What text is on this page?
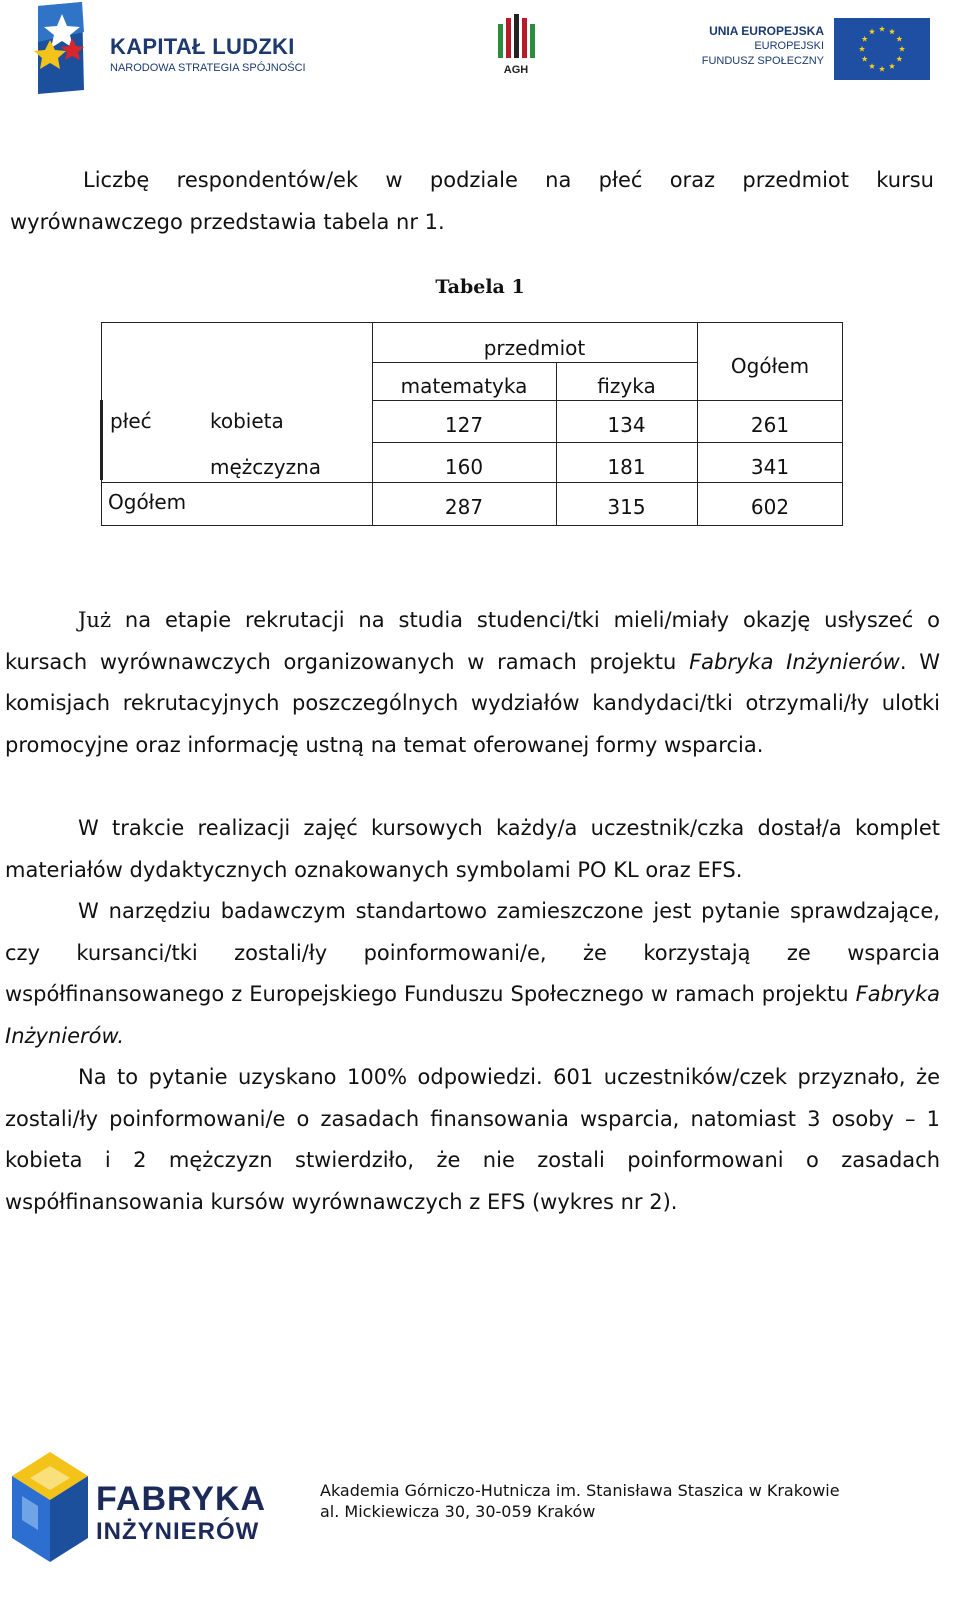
KAPITAŁ LUDZKI
NARODOWA STRATEGIA SPÓJNOŚCI	AGH
UNIA EUROPEJSKA
EUROPEJSKI
FUNDUSZ SPOŁECZNY
Liczbę respondentów/ek w podziale na płeć oraz przedmiot kursu wyrównawczego przedstawia tabela nr 1.
Tabela 1
przedmiot
Ogółem
matematyka	fizyka
płeć	kobieta	127	134	261
mężczyzna	160	181	341
Ogółem	287	315	602
Już na etapie rekrutacji na studia studenci/tki mieli/miały okazję usłyszeć o kursach wyrównawczych organizowanych w ramach projektu Fabryka Inżynierów. W komisjach rekrutacyjnych poszczególnych wydziałów kandydaci/tki otrzymali/ły ulotki promocyjne oraz informację ustną na temat oferowanej formy wsparcia.
W trakcie realizacji zajęć kursowych każdy/a uczestnik/czka dostał/a komplet materiałów dydaktycznych oznakowanych symbolami PO KL oraz EFS.
W narzędziu badawczym standartowo zamieszczone jest pytanie sprawdzające, czy kursanci/tki zostali/ły poinformowani/e, że korzystają ze wsparcia współfinansowanego z Europejskiego Funduszu Społecznego w ramach projektu Fabryka Inżynierów.
Na to pytanie uzyskano 100% odpowiedzi. 601 uczestników/czek przyznało, że zostali/ły poinformowani/e o zasadach finansowania wsparcia, natomiast 3 osoby – 1 kobieta i 2 mężczyzn stwierdziło, że nie zostali poinformowani o zasadach współfinansowania kursów wyrównawczych z EFS (wykres nr 2).
FABRYKA
INŻYNIERÓW
Akademia Górniczo-Hutnicza im. Stanisława Staszica w Krakowie
al. Mickiewicza 30, 30-059 Kraków
